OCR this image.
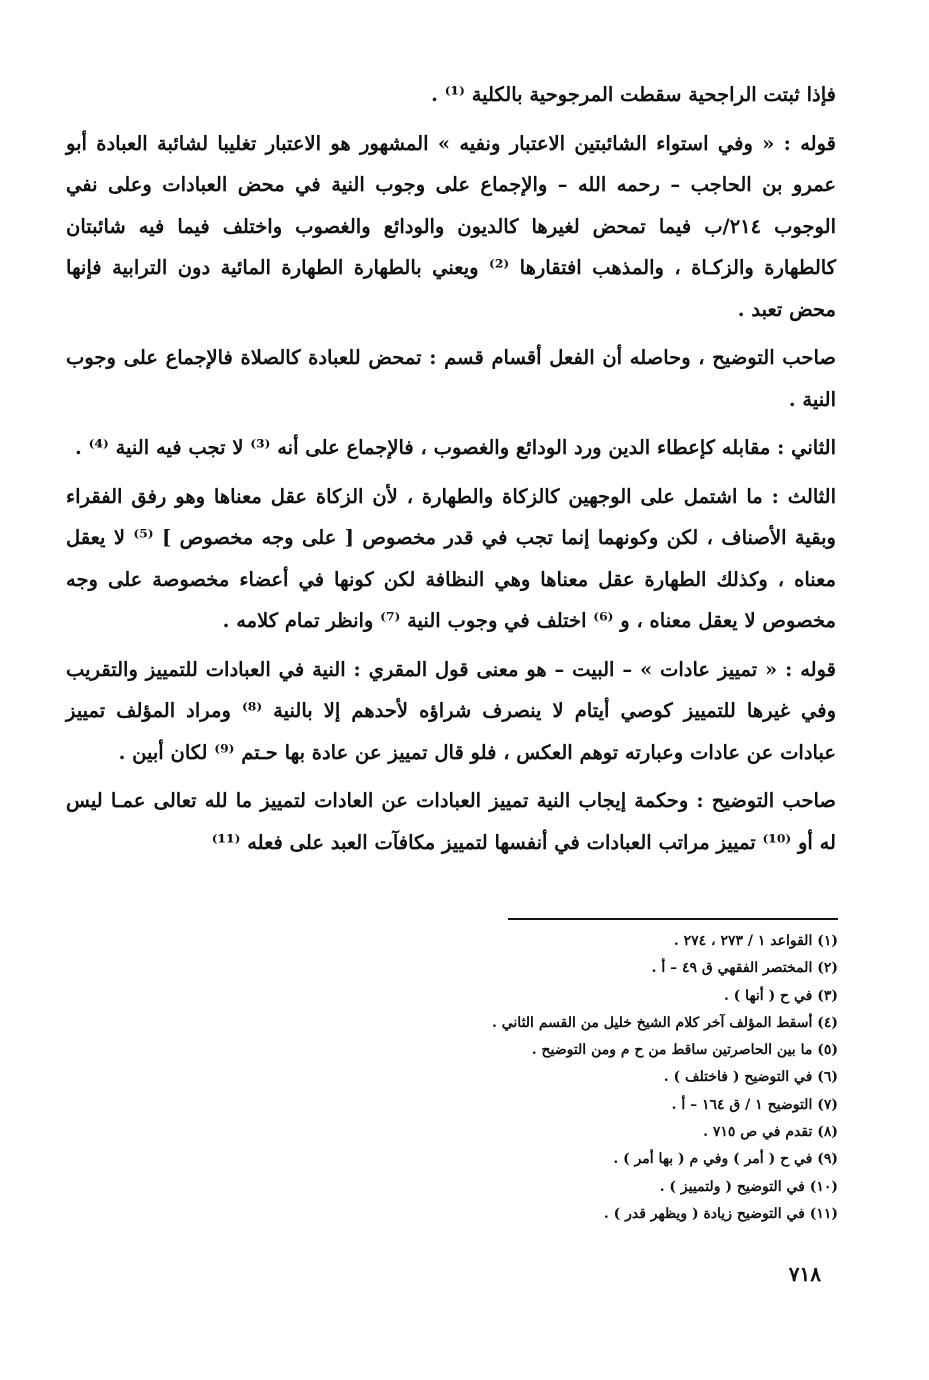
فإذا ثبتت الراجحية سقطت المرجوحية بالكلية ⁽¹⁾ .

قوله : « وفي استواء الشائبتين الاعتبار ونفيه » المشهور هو الاعتبار تغليبا لشائبة العبادة أبو عمرو بن الحاجب – رحمه الله – والإجماع على وجوب النية في محض العبادات وعلى نفي الوجوب ٢١٤/ب فيما تمحض لغيرها كالديون والودائع والغصوب واختلف فيما فيه شائبتان كالطهارة والزكـاة ، والمذهب افتقارها ⁽²⁾ ويعني بالطهارة الطهارة المائية دون الترابية فإنها محض تعبد .

صاحب التوضيح ، وحاصله أن الفعل أقسام قسم : تمحض للعبادة كالصلاة فالإجماع على وجوب النية .

الثاني : مقابله كإعطاء الدين ورد الودائع والغصوب ، فالإجماع على أنه ⁽³⁾ لا تجب فيه النية ⁽⁴⁾ .

الثالث : ما اشتمل على الوجهين كالزكاة والطهارة ، لأن الزكاة عقل معناها وهو رفق الفقراء وبقية الأصناف ، لكن وكونهما إنما تجب في قدر مخصوص [ على وجه مخصوص ] ⁽⁵⁾ لا يعقل معناه ، وكذلك الطهارة عقل معناها وهي النظافة لكن كونها في أعضاء مخصوصة على وجه مخصوص لا يعقل معناه ، و ⁽⁶⁾ اختلف في وجوب النية ⁽⁷⁾ وانظر تمام كلامه .

قوله : « تمييز عادات » – البيت – هو معنى قول المقري : النية في العبادات للتمييز والتقريب وفي غيرها للتمييز كوصي أيتام لا ينصرف شراؤه لأحدهم إلا بالنية ⁽⁸⁾ ومراد المؤلف تمييز عبادات عن عادات وعبارته توهم العكس ، فلو قال تمييز عن عادة بها حـتم ⁽⁹⁾ لكان أبين .

صاحب التوضيح : وحكمة إيجاب النية تمييز العبادات عن العادات لتمييز ما لله تعالى عمـا ليس له أو ⁽¹⁰⁾ تمييز مراتب العبادات في أنفسها لتمييز مكافآت العبد على فعله ⁽¹¹⁾

(١) القواعد ١ / ٢٧٣ ، ٢٧٤ .
(٢) المختصر الفقهي ق ٤٩ – أ .
(٣) في ح ( أنها ) .
(٤) أسقط المؤلف آخر كلام الشيخ خليل من القسم الثاني .
(٥) ما بين الحاصرتين ساقط من ح م ومن التوضيح .
(٦) في التوضيح ( فاختلف ) .
(٧) التوضيح ١ / ق ١٦٤ – أ .
(٨) تقدم في ص ٧١٥ .
(٩) في ح ( أمر ) وفي م ( بها أمر ) .
(١٠) في التوضيح ( ولتمييز ) .
(١١) في التوضيح زيادة ( ويظهر قدر ) .
٧١٨
